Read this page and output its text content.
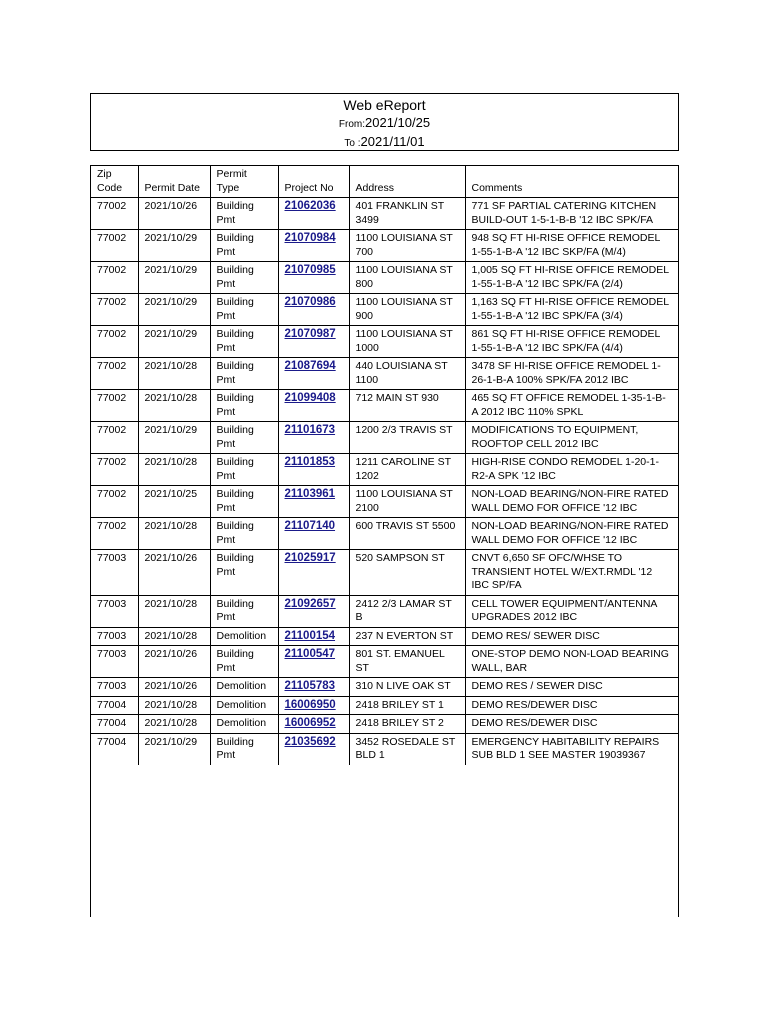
Web eReport
From:2021/10/25
To :2021/11/01
Zip Code	Permit Date	Permit Type	Project No	Address	Comments
77002	2021/10/26	Building Pmt	21062036	401 FRANKLIN ST 3499	771 SF PARTIAL CATERING KITCHEN BUILD-OUT 1-5-1-B-B '12 IBC SPK/FA
77002	2021/10/29	Building Pmt	21070984	1100 LOUISIANA ST 700	948 SQ FT HI-RISE OFFICE REMODEL 1-55-1-B-A '12 IBC SKP/FA (M/4)
77002	2021/10/29	Building Pmt	21070985	1100 LOUISIANA ST 800	1,005 SQ FT HI-RISE OFFICE REMODEL 1-55-1-B-A '12 IBC SPK/FA (2/4)
77002	2021/10/29	Building Pmt	21070986	1100 LOUISIANA ST 900	1,163 SQ FT HI-RISE OFFICE REMODEL 1-55-1-B-A '12 IBC SPK/FA (3/4)
77002	2021/10/29	Building Pmt	21070987	1100 LOUISIANA ST 1000	861 SQ FT HI-RISE OFFICE REMODEL 1-55-1-B-A '12 IBC SPK/FA (4/4)
77002	2021/10/28	Building Pmt	21087694	440 LOUISIANA ST 1100	3478 SF HI-RISE OFFICE REMODEL 1-26-1-B-A 100% SPK/FA 2012 IBC
77002	2021/10/28	Building Pmt	21099408	712 MAIN ST 930	465 SQ FT OFFICE REMODEL 1-35-1-B-A 2012 IBC 110% SPKL
77002	2021/10/29	Building Pmt	21101673	1200 2/3 TRAVIS ST	MODIFICATIONS TO EQUIPMENT, ROOFTOP CELL 2012 IBC
77002	2021/10/28	Building Pmt	21101853	1211 CAROLINE ST 1202	HIGH-RISE CONDO REMODEL 1-20-1-R2-A SPK '12 IBC
77002	2021/10/25	Building Pmt	21103961	1100 LOUISIANA ST 2100	NON-LOAD BEARING/NON-FIRE RATED WALL DEMO FOR OFFICE '12 IBC
77002	2021/10/28	Building Pmt	21107140	600 TRAVIS ST 5500	NON-LOAD BEARING/NON-FIRE RATED WALL DEMO FOR OFFICE '12 IBC
77003	2021/10/26	Building Pmt	21025917	520 SAMPSON ST	CNVT 6,650 SF OFC/WHSE TO TRANSIENT HOTEL W/EXT.RMDL '12 IBC SP/FA
77003	2021/10/28	Building Pmt	21092657	2412 2/3 LAMAR ST B	CELL TOWER EQUIPMENT/ANTENNA UPGRADES 2012 IBC
77003	2021/10/28	Demolition	21100154	237 N EVERTON ST	DEMO RES/ SEWER DISC
77003	2021/10/26	Building Pmt	21100547	801 ST. EMANUEL ST	ONE-STOP DEMO NON-LOAD BEARING WALL, BAR
77003	2021/10/26	Demolition	21105783	310 N LIVE OAK ST	DEMO RES / SEWER DISC
77004	2021/10/28	Demolition	16006950	2418 BRILEY ST 1	DEMO RES/DEWER DISC
77004	2021/10/28	Demolition	16006952	2418 BRILEY ST 2	DEMO RES/DEWER DISC
77004	2021/10/29	Building Pmt	21035692	3452 ROSEDALE ST BLD 1	EMERGENCY HABITABILITY REPAIRS SUB BLD 1 SEE MASTER 19039367
